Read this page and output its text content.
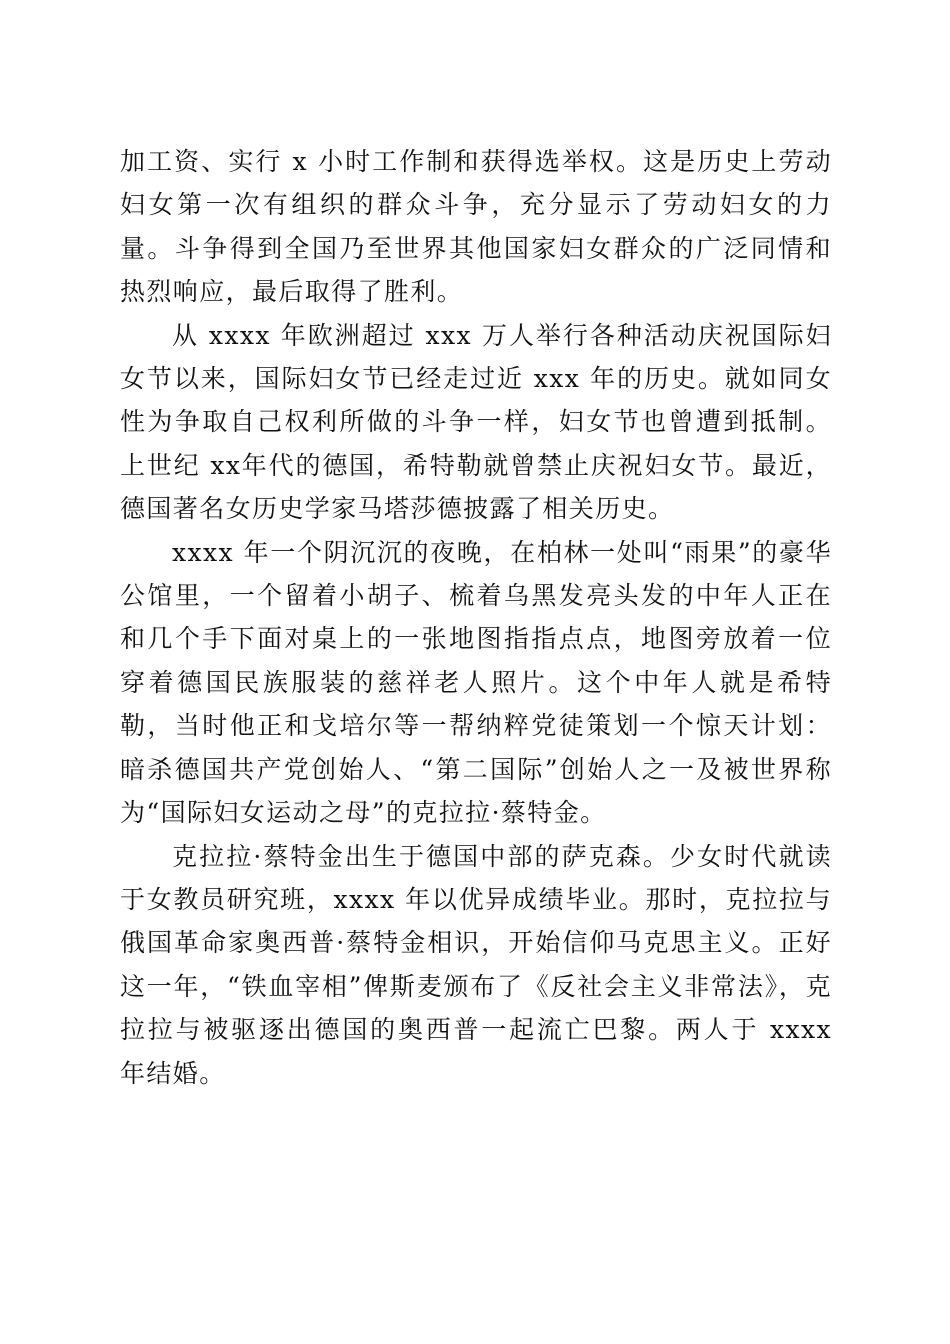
加工资、实行 x 小时工作制和获得选举权。这是历史上劳动妇女第一次有组织的群众斗争，充分显示了劳动妇女的力量。斗争得到全国乃至世界其他国家妇女群众的广泛同情和热烈响应，最后取得了胜利。

从 xxxx 年欧洲超过 xxx 万人举行各种活动庆祝国际妇女节以来，国际妇女节已经走过近 xxx 年的历史。就如同女性为争取自己权利所做的斗争一样，妇女节也曾遭到抵制。上世纪 xx年代的德国，希特勒就曾禁止庆祝妇女节。最近，德国著名女历史学家马塔莎德披露了相关历史。

xxxx 年一个阴沉沉的夜晚，在柏林一处叫“雨果”的豪华公馆里，一个留着小胡子、梳着乌黑发亮头发的中年人正在和几个手下面对桌上的一张地图指指点点，地图旁放着一位穿着德国民族服装的慈祥老人照片。这个中年人就是希特勒，当时他正和戈培尔等一帮纳粹党徒策划一个惊天计划：暗杀德国共产党创始人、“第二国际”创始人之一及被世界称为“国际妇女运动之母”的克拉拉·蔡特金。

克拉拉·蔡特金出生于德国中部的萨克森。少女时代就读于女教员研究班，xxxx 年以优异成绩毕业。那时，克拉拉与俄国革命家奥西普·蔡特金相识，开始信仰马克思主义。正好这一年，“铁血宰相”俾斯麦颁布了《反社会主义非常法》，克拉拉与被驱逐出德国的奥西普一起流亡巴黎。两人于 xxxx 年结婚。
